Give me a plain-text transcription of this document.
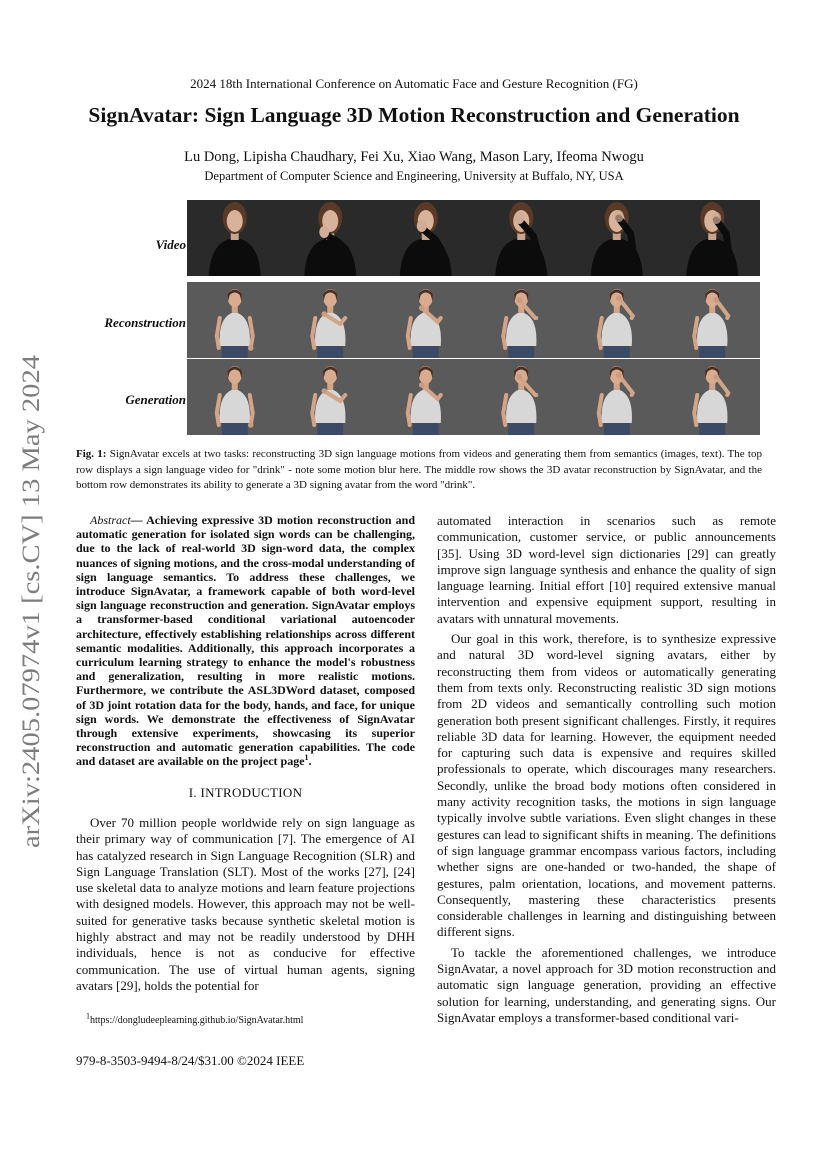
2024 18th International Conference on Automatic Face and Gesture Recognition (FG)
SignAvatar: Sign Language 3D Motion Reconstruction and Generation
Lu Dong, Lipisha Chaudhary, Fei Xu, Xiao Wang, Mason Lary, Ifeoma Nwogu
Department of Computer Science and Engineering, University at Buffalo, NY, USA
arXiv:2405.07974v1 [cs.CV] 13 May 2024
Video
Reconstruction
Generation
Fig. 1: SignAvatar excels at two tasks: reconstructing 3D sign language motions from videos and generating them from semantics (images, text). The top row displays a sign language video for "drink" - note some motion blur here. The middle row shows the 3D avatar reconstruction by SignAvatar, and the bottom row demonstrates its ability to generate a 3D signing avatar from the word "drink".

Abstract— Achieving expressive 3D motion reconstruction and automatic generation for isolated sign words can be challenging, due to the lack of real-world 3D sign-word data, the complex nuances of signing motions, and the cross-modal understanding of sign language semantics. To address these challenges, we introduce SignAvatar, a framework capable of both word-level sign language reconstruction and generation. SignAvatar employs a transformer-based conditional variational autoencoder architecture, effectively establishing relationships across different semantic modalities. Additionally, this approach incorporates a curriculum learning strategy to enhance the model's robustness and generalization, resulting in more realistic motions. Furthermore, we contribute the ASL3DWord dataset, composed of 3D joint rotation data for the body, hands, and face, for unique sign words. We demonstrate the effectiveness of SignAvatar through extensive experiments, showcasing its superior reconstruction and automatic generation capabilities. The code and dataset are available on the project page$^1$.

I. INTRODUCTION

Over 70 million people worldwide rely on sign language as their primary way of communication [7]. The emergence of AI has catalyzed research in Sign Language Recognition (SLR) and Sign Language Translation (SLT). Most of the works [27], [24] use skeletal data to analyze motions and learn feature projections with designed models. However, this approach may not be well-suited for generative tasks because synthetic skeletal motion is highly abstract and may not be readily understood by DHH individuals, hence is not as conducive for effective communication. The use of virtual human agents, signing avatars [29], holds the potential for

automated interaction in scenarios such as remote communication, customer service, or public announcements [35]. Using 3D word-level sign dictionaries [29] can greatly improve sign language synthesis and enhance the quality of sign language learning. Initial effort [10] required extensive manual intervention and expensive equipment support, resulting in avatars with unnatural movements.

Our goal in this work, therefore, is to synthesize expressive and natural 3D word-level signing avatars, either by reconstructing them from videos or automatically generating them from texts only. Reconstructing realistic 3D sign motions from 2D videos and semantically controlling such motion generation both present significant challenges. Firstly, it requires reliable 3D data for learning. However, the equipment needed for capturing such data is expensive and requires skilled professionals to operate, which discourages many researchers. Secondly, unlike the broad body motions often considered in many activity recognition tasks, the motions in sign language typically involve subtle variations. Even slight changes in these gestures can lead to significant shifts in meaning. The definitions of sign language grammar encompass various factors, including whether signs are one-handed or two-handed, the shape of gestures, palm orientation, locations, and movement patterns. Consequently, mastering these characteristics presents considerable challenges in learning and distinguishing between different signs.

To tackle the aforementioned challenges, we introduce SignAvatar, a novel approach for 3D motion reconstruction and automatic sign language generation, providing an effective solution for learning, understanding, and generating signs. Our SignAvatar employs a transformer-based conditional vari-

$^1$https://dongludeeplearning.github.io/SignAvatar.html
979-8-3503-9494-8/24/$31.00 ©2024 IEEE
